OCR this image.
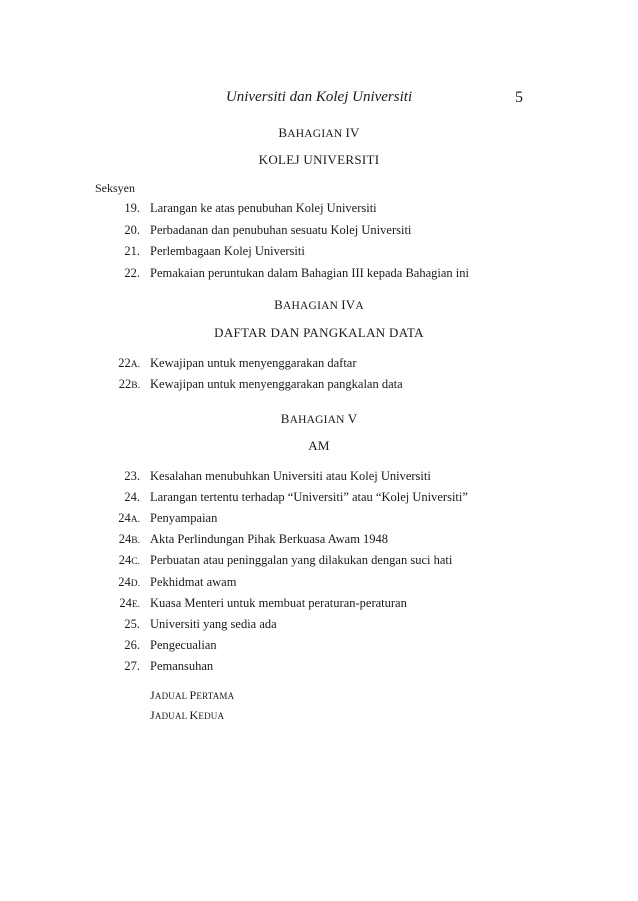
Universiti dan Kolej Universiti	5
BAHAGIAN IV
KOLEJ UNIVERSITI
Seksyen
19. Larangan ke atas penubuhan Kolej Universiti
20. Perbadanan dan penubuhan sesuatu Kolej Universiti
21. Perlembagaan Kolej Universiti
22. Pemakaian peruntukan dalam Bahagian III kepada Bahagian ini
BAHAGIAN IVA
DAFTAR DAN PANGKALAN DATA
22A. Kewajipan untuk menyenggarakan daftar
22B. Kewajipan untuk menyenggarakan pangkalan data
BAHAGIAN V
AM
23. Kesalahan menubuhkan Universiti atau Kolej Universiti
24. Larangan tertentu terhadap “Universiti” atau “Kolej Universiti”
24A. Penyampaian
24B. Akta Perlindungan Pihak Berkuasa Awam 1948
24C. Perbuatan atau peninggalan yang dilakukan dengan suci hati
24D. Pekhidmat awam
24E. Kuasa Menteri untuk membuat peraturan-peraturan
25. Universiti yang sedia ada
26. Pengecualian
27. Pemansuhan
JADUAL PERTAMA
JADUAL KEDUA
